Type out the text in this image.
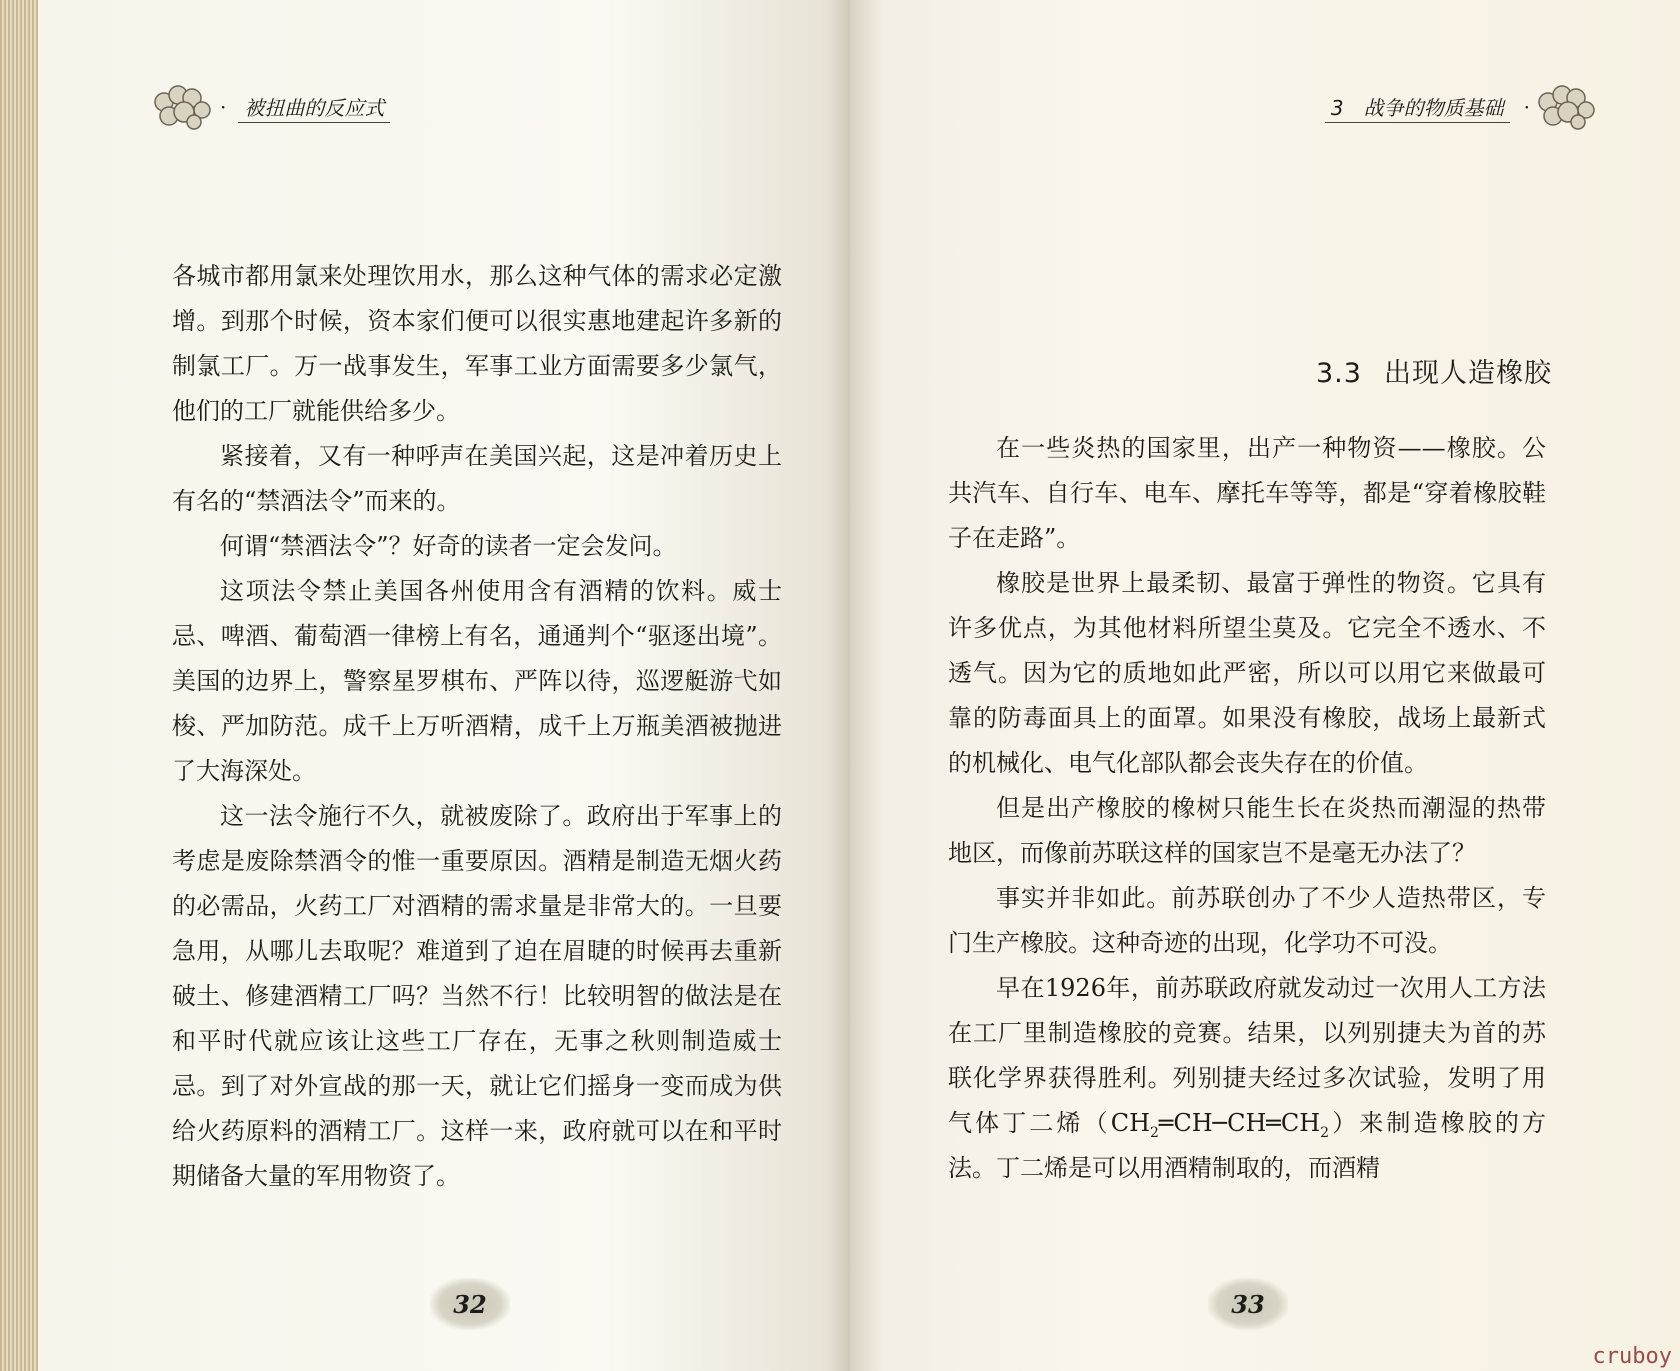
· 被扭曲的反应式	3　战争的物质基础	·

各城市都用氯来处理饮用水，那么这种气体的需求必定激增。到那个时候，资本家们便可以很实惠地建起许多新的制氯工厂。万一战事发生，军事工业方面需要多少氯气，他们的工厂就能供给多少。

紧接着，又有一种呼声在美国兴起，这是冲着历史上有名的“禁酒法令”而来的。

何谓“禁酒法令”？好奇的读者一定会发问。

这项法令禁止美国各州使用含有酒精的饮料。威士忌、啤酒、葡萄酒一律榜上有名，通通判个“驱逐出境”。美国的边界上，警察星罗棋布、严阵以待，巡逻艇游弋如梭、严加防范。成千上万听酒精，成千上万瓶美酒被抛进了大海深处。

这一法令施行不久，就被废除了。政府出于军事上的考虑是废除禁酒令的惟一重要原因。酒精是制造无烟火药的必需品，火药工厂对酒精的需求量是非常大的。一旦要急用，从哪儿去取呢？难道到了迫在眉睫的时候再去重新破土、修建酒精工厂吗？当然不行！比较明智的做法是在和平时代就应该让这些工厂存在，无事之秋则制造威士忌。到了对外宣战的那一天，就让它们摇身一变而成为供给火药原料的酒精工厂。这样一来，政府就可以在和平时期储备大量的军用物资了。

3.3 出现人造橡胶

在一些炎热的国家里，出产一种物资——橡胶。公共汽车、自行车、电车、摩托车等等，都是“穿着橡胶鞋子在走路”。

橡胶是世界上最柔韧、最富于弹性的物资。它具有许多优点，为其他材料所望尘莫及。它完全不透水、不透气。因为它的质地如此严密，所以可以用它来做最可靠的防毒面具上的面罩。如果没有橡胶，战场上最新式的机械化、电气化部队都会丧失存在的价值。

但是出产橡胶的橡树只能生长在炎热而潮湿的热带地区，而像前苏联这样的国家岂不是毫无办法了？

事实并非如此。前苏联创办了不少人造热带区，专门生产橡胶。这种奇迹的出现，化学功不可没。

早在1926年，前苏联政府就发动过一次用人工方法在工厂里制造橡胶的竞赛。结果，以列别捷夫为首的苏联化学界获得胜利。列别捷夫经过多次试验，发明了用气体丁二烯$(CH_2═CH─CH═CH_2)$来制造橡胶的方法。丁二烯是可以用酒精制取的，而酒精

32	33
cruboy
